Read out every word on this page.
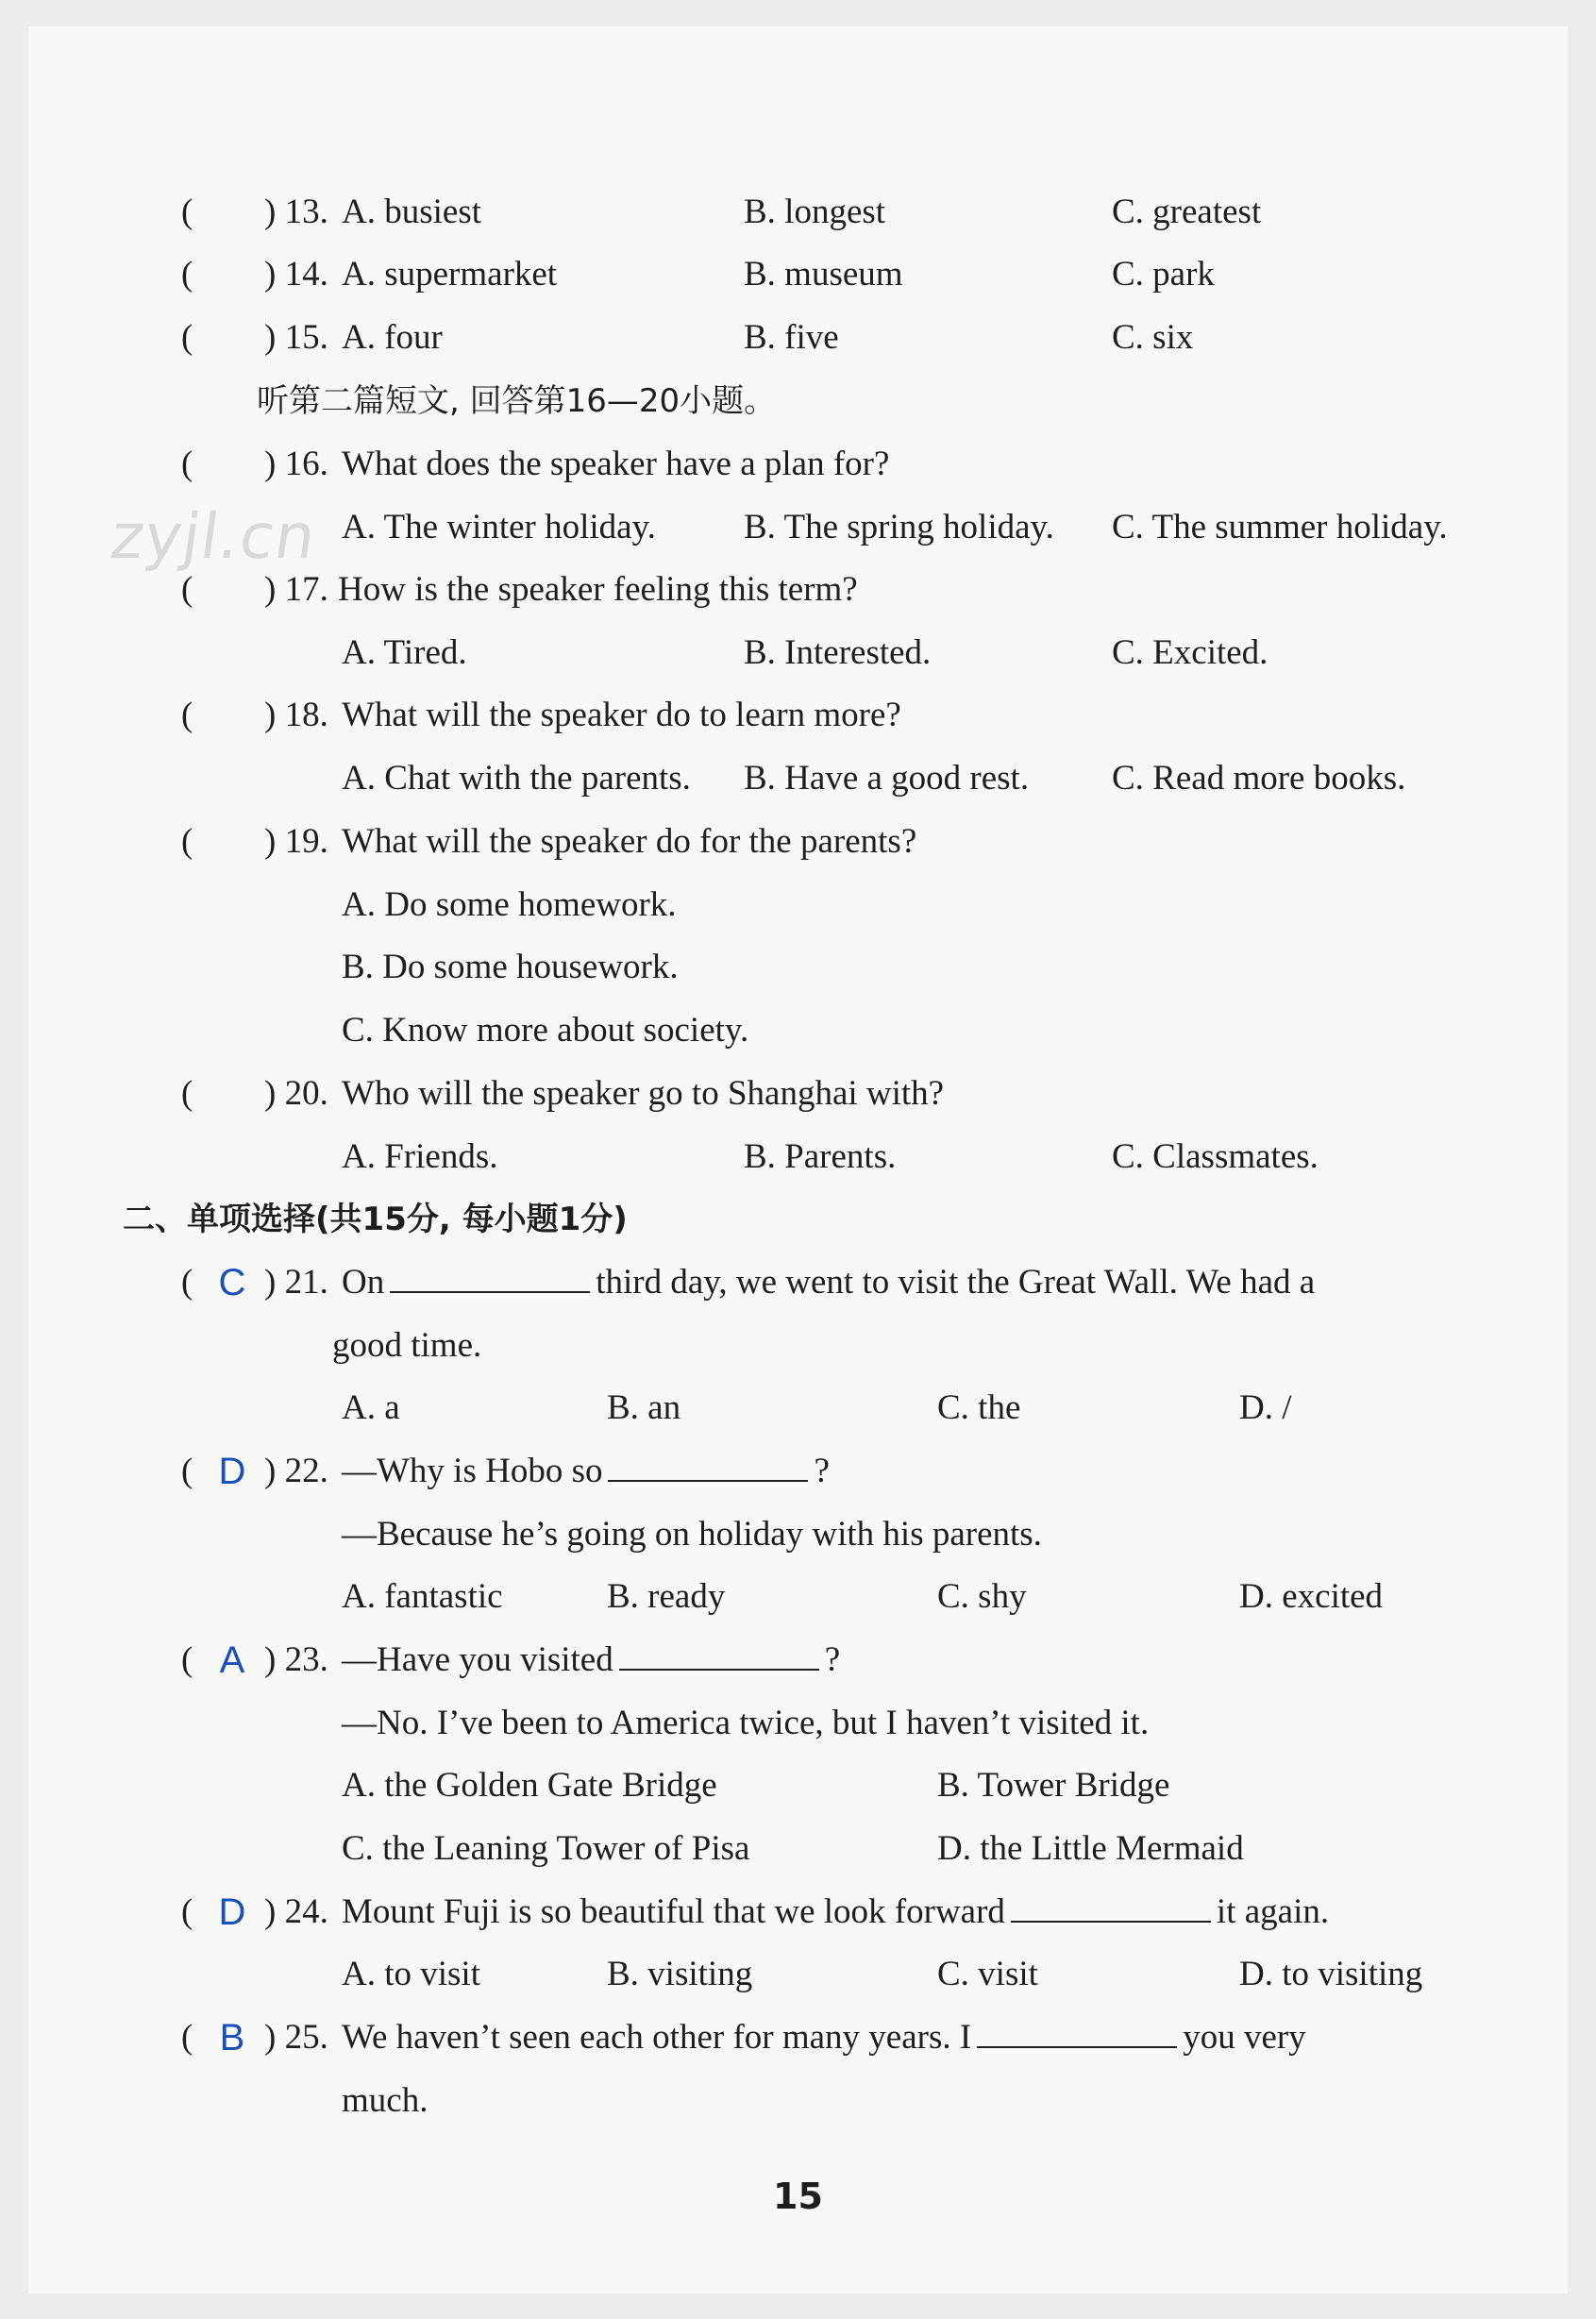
zyjl.cn
( ) 13. A. busiest	B. longest	C. greatest
( ) 14. A. supermarket	B. museum	C. park
( ) 15. A. four	B. five	C. six
听第二篇短文, 回答第16—20小题。
( ) 16. What does the speaker have a plan for?
A. The winter holiday.	B. The spring holiday. C. The summer holiday.
( ) 17. How is the speaker feeling this term?
A. Tired.	B. Interested.	C. Excited.
( ) 18. What will the speaker do to learn more?
A. Chat with the parents. B. Have a good rest. C. Read more books.
( ) 19. What will the speaker do for the parents?
A. Do some homework.
B. Do some housework.
C. Know more about society.
( ) 20. Who will the speaker go to Shanghai with?
A. Friends.	B. Parents.	C. Classmates.
二、单项选择(共15分, 每小题1分)
( C ) 21. On	third day, we went to visit the Great Wall. We had a
good time.
A. a	B. an	C. the	D. /
( D ) 22. —Why is Hobo so	?
—Because he’s going on holiday with his parents.
A. fantastic	B. ready	C. shy	D. excited
( A ) 23. —Have you visited	?
—No. I’ve been to America twice, but I haven’t visited it.
A. the Golden Gate Bridge	B. Tower Bridge
C. the Leaning Tower of Pisa	D. the Little Mermaid
( D ) 24. Mount Fuji is so beautiful that we look forward	it again.
A. to visit	B. visiting	C. visit	D. to visiting
( B ) 25. We haven’t seen each other for many years. I	you very
much.
15
